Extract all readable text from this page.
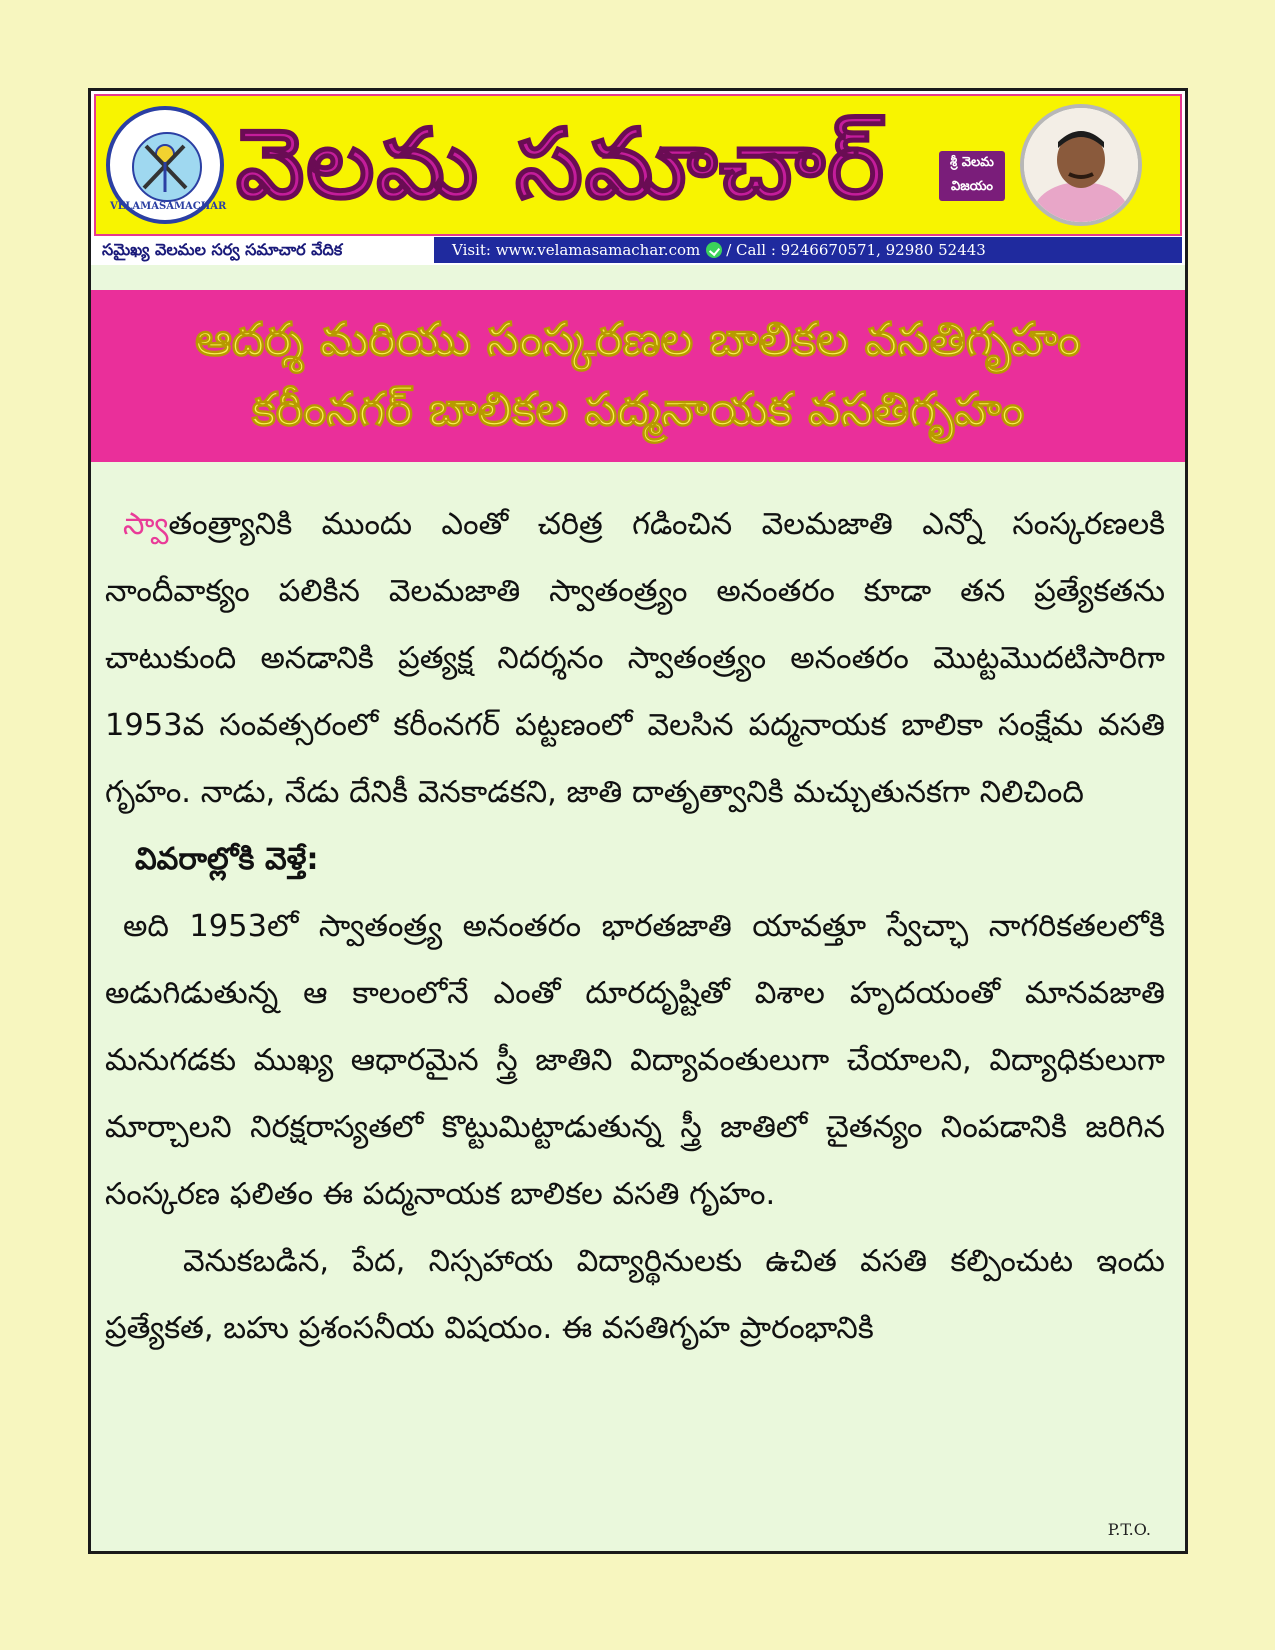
VELAMASAMACHAR వెలమ సమాచార్	శ్రీ వెలమ విజయం
సమైఖ్య వెలమల సర్వ సమాచార వేదిక	Visit: www.velamasamachar.com / Call : 9246670571, 92980 52443
ఆదర్శ మరియు సంస్కరణల బాలికల వసతిగృహం
కరీంనగర్ బాలికల పద్మనాయక వసతిగృహం

స్వాతంత్ర్యానికి ముందు ఎంతో చరిత్ర గడించిన వెలమజాతి ఎన్నో సంస్కరణలకి నాందీవాక్యం పలికిన వెలమజాతి స్వాతంత్ర్యం అనంతరం కూడా తన ప్రత్యేకతను చాటుకుంది అనడానికి ప్రత్యక్ష నిదర్శనం స్వాతంత్ర్యం అనంతరం మొట్టమొదటిసారిగా 1953వ సంవత్సరంలో కరీంనగర్ పట్టణంలో వెలసిన పద్మనాయక బాలికా సంక్షేమ వసతి గృహం. నాడు, నేడు దేనికీ వెనకాడకని, జాతి దాతృత్వానికి మచ్చుతునకగా నిలిచింది

వివరాల్లోకి వెళ్తే:

అది 1953లో స్వాతంత్ర్య అనంతరం భారతజాతి యావత్తూ స్వేచ్ఛా నాగరికతలలోకి అడుగిడుతున్న ఆ కాలంలోనే ఎంతో దూరదృష్టితో విశాల హృదయంతో మానవజాతి మనుగడకు ముఖ్య ఆధారమైన స్త్రీ జాతిని విద్యావంతులుగా చేయాలని, విద్యాధికులుగా మార్చాలని నిరక్షరాస్యతలో కొట్టుమిట్టాడుతున్న స్త్రీ జాతిలో చైతన్యం నింపడానికి జరిగిన సంస్కరణ ఫలితం ఈ పద్మనాయక బాలికల వసతి గృహం.

వెనుకబడిన, పేద, నిస్సహాయ విద్యార్థినులకు ఉచిత వసతి కల్పించుట ఇందు ప్రత్యేకత, బహు ప్రశంసనీయ విషయం. ఈ వసతిగృహ ప్రారంభానికి

P.T.O.
